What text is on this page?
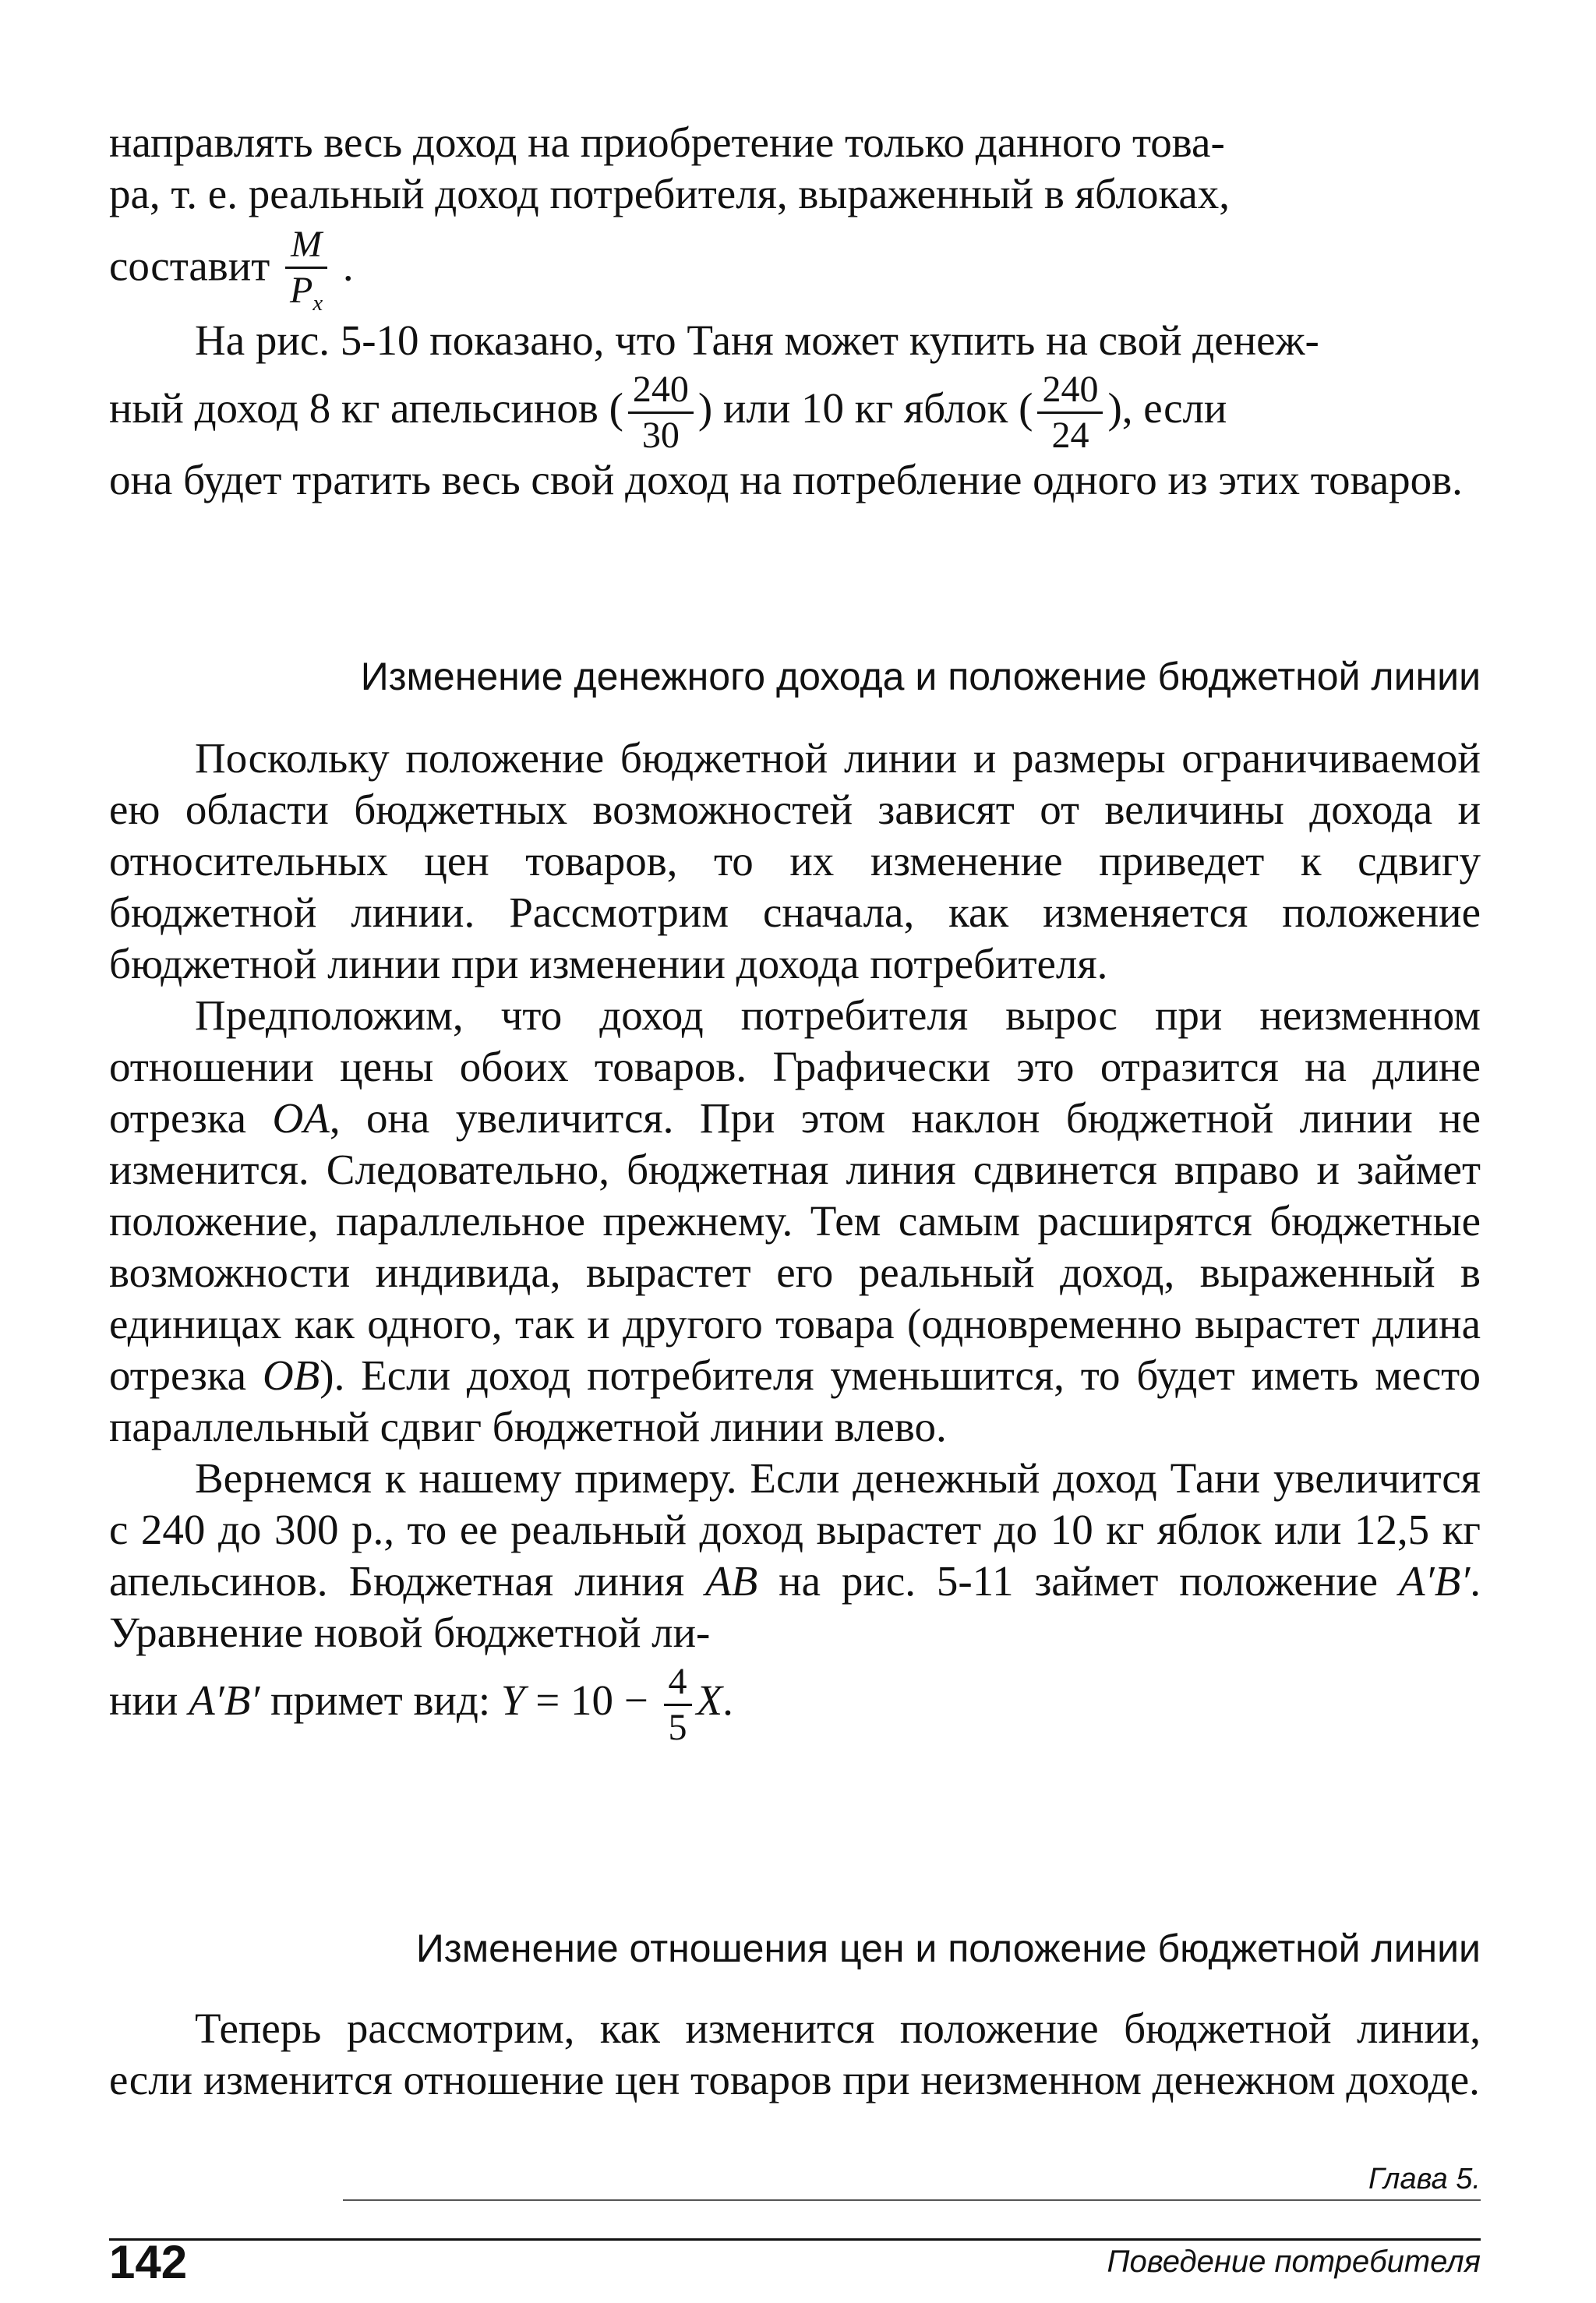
направлять весь доход на приобретение только данного това-

ра, т. е. реальный доход потребителя, выраженный в яблоках,

составит $\frac{M}{P_x}$ .

На рис. 5-10 показано, что Таня может купить на свой денеж-

ный доход 8 кг апельсинов ( $\frac{240}{30}$ ) или 10 кг яблок ( $\frac{240}{24}$ ), если

она будет тратить весь свой доход на потребление одного из этих товаров.

Изменение денежного дохода и положение бюджетной линии

Поскольку положение бюджетной линии и размеры ограничиваемой ею области бюджетных возможностей зависят от величины дохода и относительных цен товаров, то их изменение приведет к сдвигу бюджетной линии. Рассмотрим сначала, как изменяется положение бюджетной линии при изменении дохода потребителя.

Предположим, что доход потребителя вырос при неизменном отношении цены обоих товаров. Графически это отразится на длине отрезка OA, она увеличится. При этом наклон бюджетной линии не изменится. Следовательно, бюджетная линия сдвинется вправо и займет положение, параллельное прежнему. Тем самым расширятся бюджетные возможности индивида, вырастет его реальный доход, выраженный в единицах как одного, так и другого товара (одновременно вырастет длина отрезка OB). Если доход потребителя уменьшится, то будет иметь место параллельный сдвиг бюджетной линии влево.

Вернемся к нашему примеру. Если денежный доход Тани увеличится с 240 до 300 р., то ее реальный доход вырастет до 10 кг яблок или 12,5 кг апельсинов. Бюджетная линия AB на рис. 5-11 займет положение A′B′. Уравнение новой бюджетной ли-

нии A′B′ примет вид: $Y = 10 - \frac{4}{5} X$.

Изменение отношения цен и положение бюджетной линии

Теперь рассмотрим, как изменится положение бюджетной линии, если изменится отношение цен товаров при неизменном денежном доходе.

Глава 5.
142	Поведение потребителя
